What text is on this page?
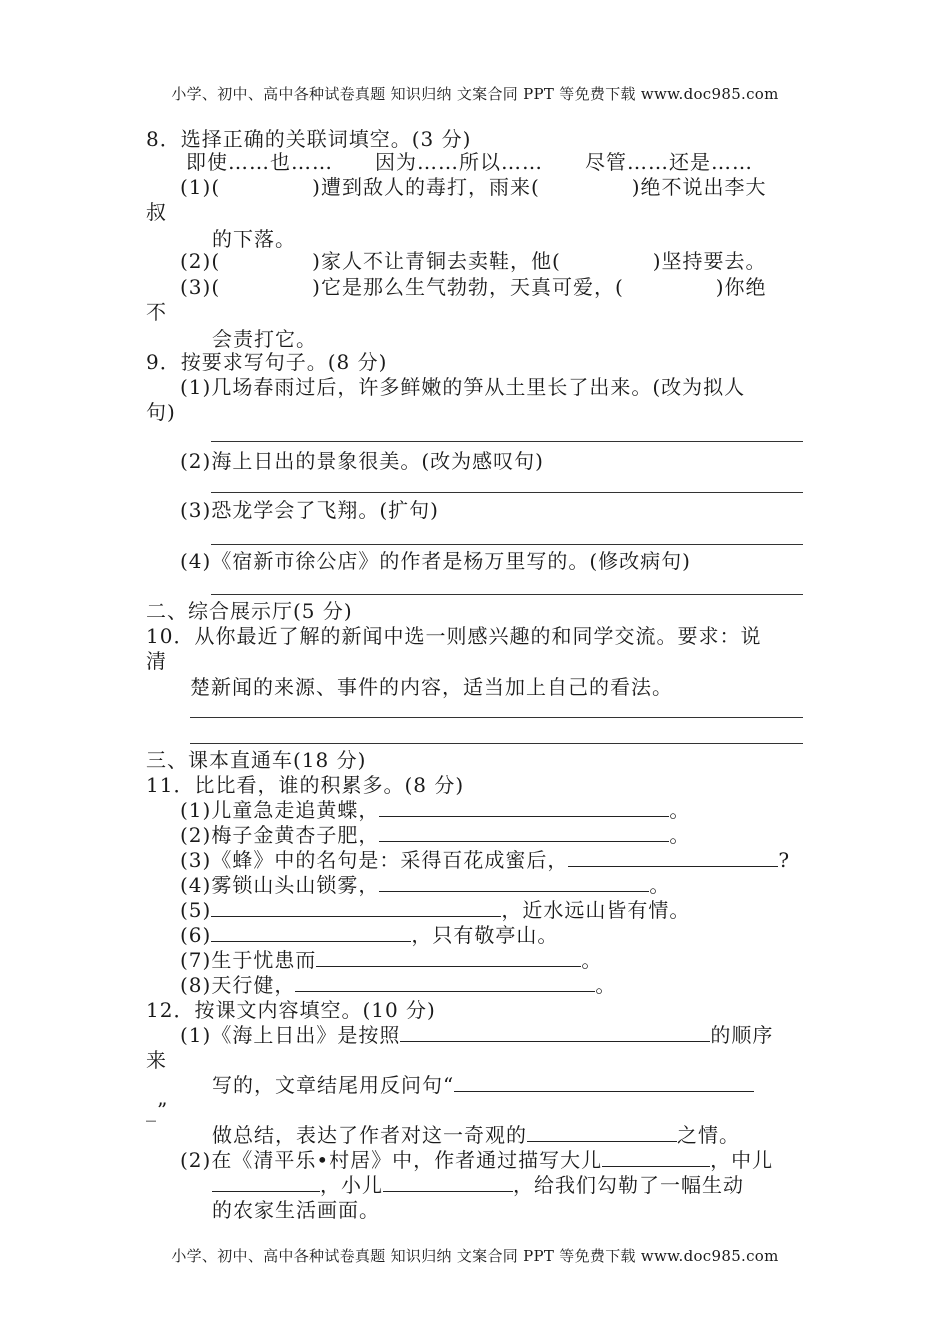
小学、初中、高中各种试卷真题 知识归纳 文案合同 PPT 等免费下载 www.doc985.com
8．选择正确的关联词填空。(3 分)
即使……也……　　因为……所以……　　尽管……还是……
(1)(	)遭到敌人的毒打，雨来(	)绝不说出李大
叔
的下落。
(2)(	)家人不让青铜去卖鞋，他(	)坚持要去。
(3)(	)它是那么生气勃勃，天真可爱，(	)你绝
不
会责打它。
9．按要求写句子。(8 分)
(1)几场春雨过后，许多鲜嫩的笋从土里长了出来。(改为拟人
句)
(2)海上日出的景象很美。(改为感叹句)
(3)恐龙学会了飞翔。(扩句)
(4)《宿新市徐公店》的作者是杨万里写的。(修改病句)
二、综合展示厅(5 分)
10．从你最近了解的新闻中选一则感兴趣的和同学交流。要求：说
清
楚新闻的来源、事件的内容，适当加上自己的看法。
三、课本直通车(18 分)
11．比比看，谁的积累多。(8 分)
(1)儿童急走追黄蝶，	。
(2)梅子金黄杏子肥，	。
(3)《蜂》中的名句是：采得百花成蜜后，	?
(4)雾锁山头山锁雾，	。
(5)	，近水远山皆有情。
(6)	，只有敬亭山。
(7)生于忧患而	。
(8)天行健，	。
12．按课文内容填空。(10 分)
(1)《海上日出》是按照	的顺序
来
写的，文章结尾用反问句“
_”
做总结，表达了作者对这一奇观的	之情。
(2)在《清平乐•村居》中，作者通过描写大儿	，中儿
，小儿	，给我们勾勒了一幅生动
的农家生活画面。
小学、初中、高中各种试卷真题 知识归纳 文案合同 PPT 等免费下载 www.doc985.com
